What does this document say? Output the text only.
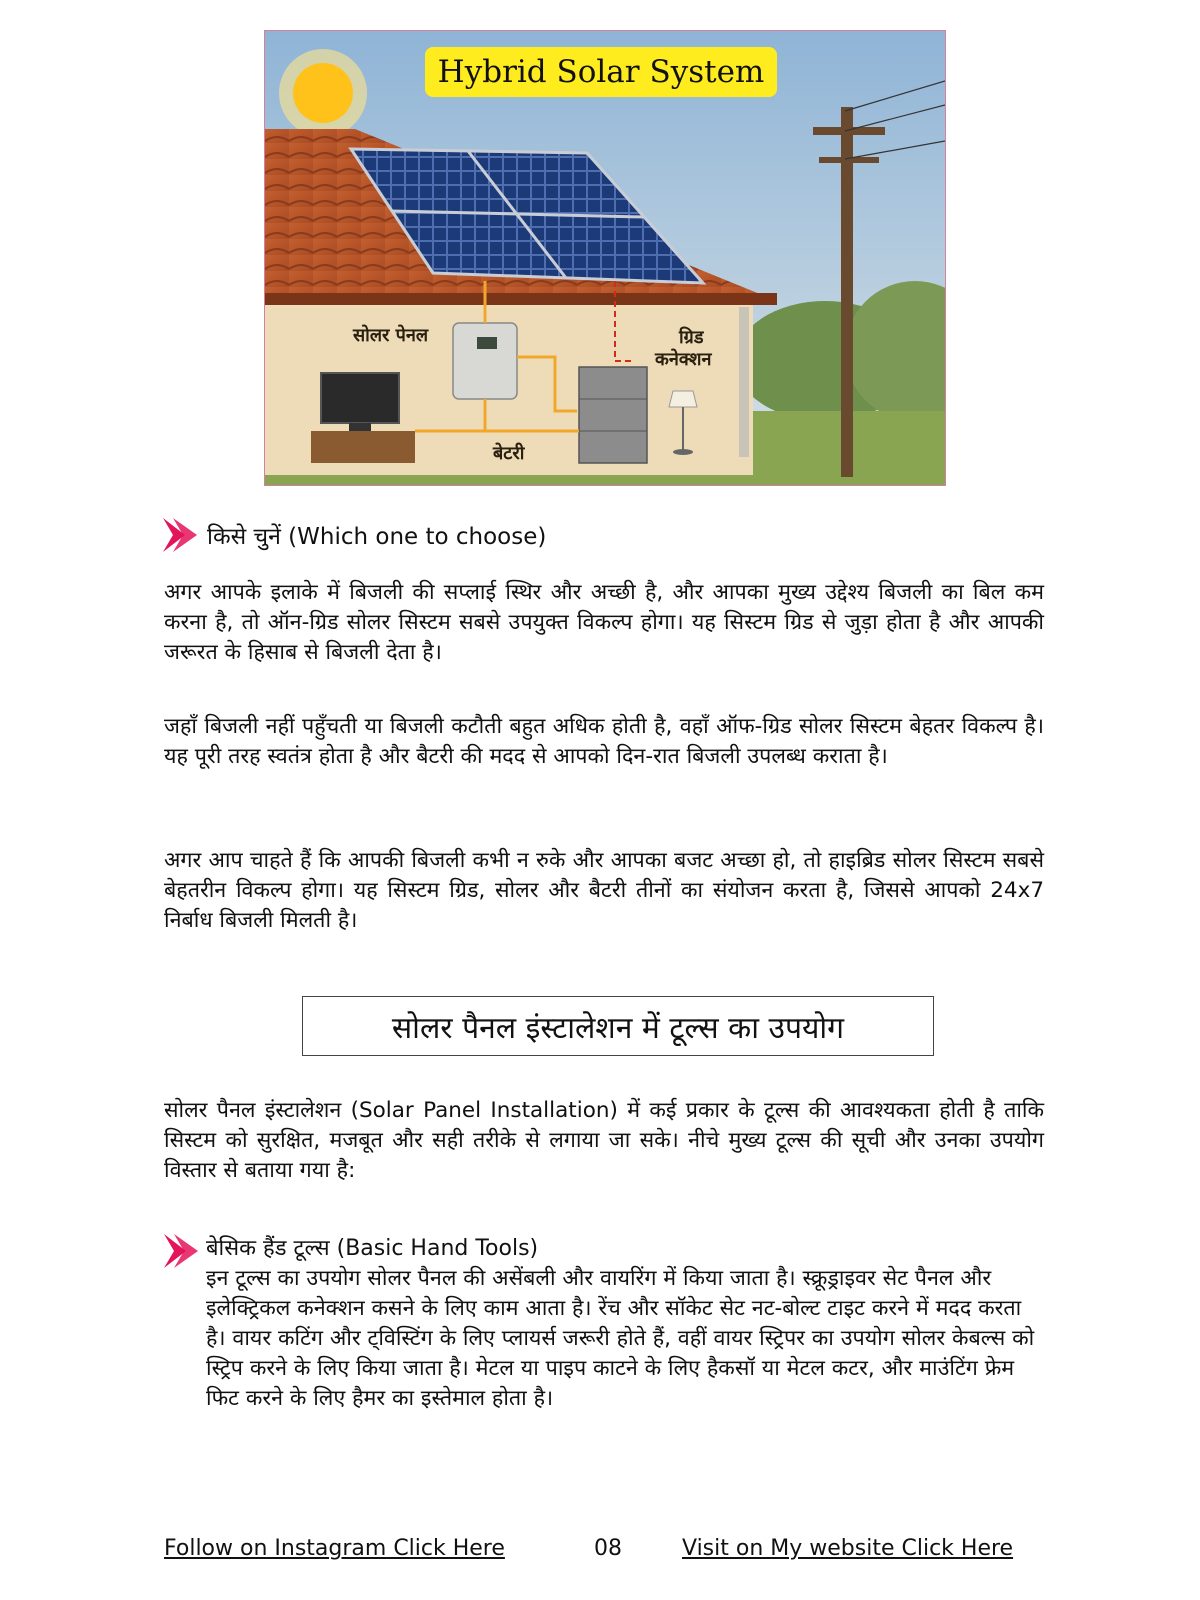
Hybrid Solar System
सोलर पेनल	ग्रिड
कनेक्शन
बेटरी
किसे चुनें (Which one to choose)

अगर आपके इलाके में बिजली की सप्लाई स्थिर और अच्छी है, और आपका मुख्य उद्देश्य बिजली का बिल कम करना है, तो ऑन-ग्रिड सोलर सिस्टम सबसे उपयुक्त विकल्प होगा। यह सिस्टम ग्रिड से जुड़ा होता है और आपकी जरूरत के हिसाब से बिजली देता है।

जहाँ बिजली नहीं पहुँचती या बिजली कटौती बहुत अधिक होती है, वहाँ ऑफ-ग्रिड सोलर सिस्टम बेहतर विकल्प है। यह पूरी तरह स्वतंत्र होता है और बैटरी की मदद से आपको दिन-रात बिजली उपलब्ध कराता है।

अगर आप चाहते हैं कि आपकी बिजली कभी न रुके और आपका बजट अच्छा हो, तो हाइब्रिड सोलर सिस्टम सबसे बेहतरीन विकल्प होगा। यह सिस्टम ग्रिड, सोलर और बैटरी तीनों का संयोजन करता है, जिससे आपको 24x7 निर्बाध बिजली मिलती है।

सोलर पैनल इंस्टालेशन में टूल्स का उपयोग

सोलर पैनल इंस्टालेशन (Solar Panel Installation) में कई प्रकार के टूल्स की आवश्यकता होती है ताकि सिस्टम को सुरक्षित, मजबूत और सही तरीके से लगाया जा सके। नीचे मुख्य टूल्स की सूची और उनका उपयोग विस्तार से बताया गया है:

बेसिक हैंड टूल्स (Basic Hand Tools)
इन टूल्स का उपयोग सोलर पैनल की असेंबली और वायरिंग में किया जाता है। स्क्रूड्राइवर सेट पैनल और इलेक्ट्रिकल कनेक्शन कसने के लिए काम आता है। रेंच और सॉकेट सेट नट-बोल्ट टाइट करने में मदद करता है। वायर कटिंग और ट्विस्टिंग के लिए प्लायर्स जरूरी होते हैं, वहीं वायर स्ट्रिपर का उपयोग सोलर केबल्स को स्ट्रिप करने के लिए किया जाता है। मेटल या पाइप काटने के लिए हैकसॉ या मेटल कटर, और माउंटिंग फ्रेम फिट करने के लिए हैमर का इस्तेमाल होता है।
Follow on Instagram Click Here	08	Visit on My website Click Here
